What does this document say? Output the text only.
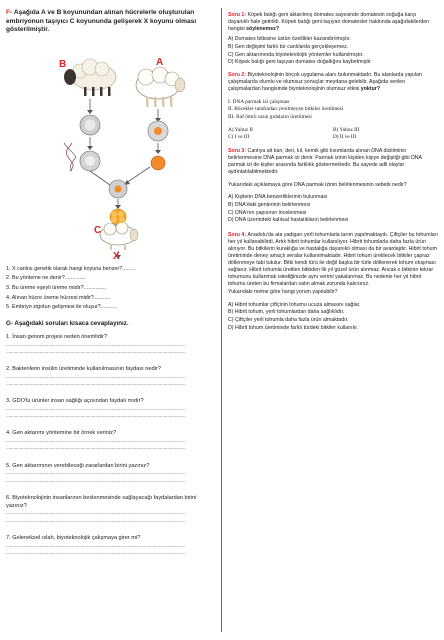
F- Aşağıda A ve B koyunundan alınan hücrelerle oluşturulan embriyonun taşıyıcı C koyununda gelişerek X koyunu olması gösterilmiştir.
B	A
C
X
1. X canlısı genetik olarak hangi koyuna benzer?.........
2. Bu yönteme ne denir?..............
3. Bu üreme eşeyli üreme midir?...............
4. Alınan hücre üreme hücresi midir?...........
5. Embriyo zigotun gelişmesi ile oluşur?...........
G- Aşağıdaki soruları kısaca cevaplayınız.
1. İnsan genom projesi neden önemlidir?
................................................................................................................................................
................................................................................................................................................
2. Bakterilerin insülin üretiminde kullanılmasının faydası nedir?
................................................................................................................................................
................................................................................................................................................
3. GDO'lu ürünler insan sağlığı açısından faydalı mıdır?
................................................................................................................................................
................................................................................................................................................
4. Gen aktarımı yöntemine bir örnek veriniz?
................................................................................................................................................
................................................................................................................................................
5. Gen aktarımının verebileceği zararlardan birini yazınız?
................................................................................................................................................
................................................................................................................................................
6. Biyoteknolojinin insanlarının beslenmesinde sağlayacağı faydalardan birini yazınız?
................................................................................................................................................
................................................................................................................................................
7. Geleneksel ıslah, biyoteknolojik çalışmaya girer mi?
................................................................................................................................................
................................................................................................................................................

Soru 1: Köpek balığı geni aktarılmış domates sayesinde domatesin soğuğa karşı dayanıklı hale getirildi. Köpek balığı geni taşıyan domatesler hakkında aşağıdakilerden hangisi söylenemez?

A) Domates bitkisine üstün özellikler kazandırılmıştır.
B) Gen değişimi farklı tür canlılarda gerçekleşemez.
C) Gen aktarımında biyoteknolojik yöntemler kullanılmıştır.
D) Köpek balığı geni taşıyan domates doğallığını kaybetmiştir

Soru 2: Biyoteknolojinin birçok uygulama alanı bulunmaktadır. Bu alanlarda yapılan çalışmalarda olumlu ve olumsuz sonuçlar meydana gelebilir. Aşağıda verilen çalışmalardan hangisinde biyoteknolojinin olumsuz etkisi yoktur?

I. DNA parmak izi çalışması
II. Böcekler tarafından yenilmeyen bitkiler üretilmesi
III. Raf ömrü uzun gıdaların üretilmesi
A) Yalnız II	B) Yalnız III
C) I ve III	D) II ve III

Soru 3: Canlıya ait kan, deri, kıl, kemik gibi kısımlarda alınan DNA diziliminin belirlenmesine DNA parmak izi denir. Parmak izinin kişiden kişiye değiştiği gibi DNA parmak izi de kişiler arasında farklılık göstermektedir. Bu sayede adli olaylar aydınlatılabilmektedir.

Yukarıdaki açıklamaya göre DNA parmak izinin belirlenmesinin sebebi nedir?

A) Kişilerin DNA benzerliklerinin bulunması
B) DNA'daki genlerinin belirlenmesi
C) DNA'nın yapısının incelenmesi
D) DNA üzerindeki kalıtsal hastalıkların belirlenmesi

Soru 4: Anadolu'da ata yadigarı yerli tohumlarla tarım yapılmaktaydı. Çiftçiler bu tohumları her yıl kullanabilirdi. Artık hibrit tohumlar kullanılıyor. Hibrit tohumlarla daha fazla ürün alınıyor. Bu bitkilerin kuraklığa ve hastalığa dayanıklı olması da bir avantajdır. Hibrit tohum üretiminde deney amaçlı seralar kullanılmaktadır. Hibrit tohum üretilecek bitkiler çapraz döllenmeye tabi tutulur. Bitki kendi türü ile değil başka bir türle döllenerek tohum oluşması sağlanır. Hibrit tohumla üretilen bitkiden ilk yıl güzel ürün alınmaz. Ancak o bitkinin tekrar tohumunu kullanmak istediğinizde aynı verimi yakalanmaz. Bu nedenle her yıl hibrit tohumu üreten bu firmalardan satın almak zorunda kalırsınız.

Yukarıdaki metne göre hangi yorum yapılabilir?

A) Hibrit tohumlar çiftçinin tohumu ucuza almasını sağlar.
B) Hibrit tohum, yerli tohumlardan daha sağlıklıdır.
C) Çiftçiler yerli tohumla daha fazla ürün almaktadır.
D) Hibrit tohum üretiminde farklı türdeki bitkiler kullanılır.
